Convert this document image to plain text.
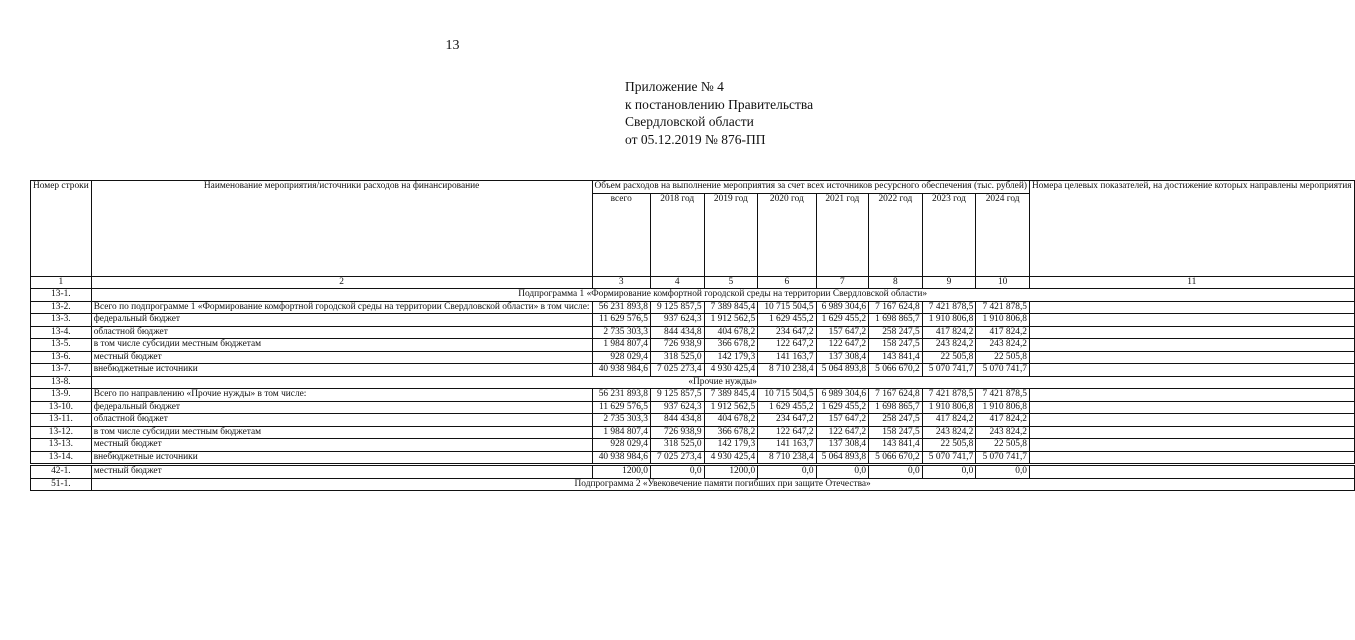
13
Приложение № 4
к постановлению Правительства
Свердловской области
от 05.12.2019 № 876-ПП
Номер строки	Наименование мероприятия/источники расходов на финансирование	Объем расходов на выполнение мероприятия за счет всех источников ресурсного обеспечения (тыс. рублей)								Номера целевых показателей, на достижение которых направлены мероприятия
		всего	2018 год	2019 год	2020 год	2021 год	2022 год	2023 год	2024 год	
1	2	3	4	5	6	7	8	9	10	11
13-1.	Подпрограмма 1 «Формирование комфортной городской среды на территории Свердловской области»									
13-2.	Всего по подпрограмме 1 «Формирование комфортной городской среды на территории Свердловской области» в том числе:	56 231 893,8	9 125 857,5	7 389 845,4	10 715 504,5	6 989 304,6	7 167 624,8	7 421 878,5	7 421 878,5	
13-3.	федеральный бюджет	11 629 576,5	937 624,3	1 912 562,5	1 629 455,2	1 629 455,2	1 698 865,7	1 910 806,8	1 910 806,8	
13-4.	областной бюджет	2 735 303,3	844 434,8	404 678,2	234 647,2	157 647,2	258 247,5	417 824,2	417 824,2	
13-5.	в том числе субсидии местным бюджетам	1 984 807,4	726 938,9	366 678,2	122 647,2	122 647,2	158 247,5	243 824,2	243 824,2	
13-6.	местный бюджет	928 029,4	318 525,0	142 179,3	141 163,7	137 308,4	143 841,4	22 505,8	22 505,8	
13-7.	внебюджетные источники	40 938 984,6	7 025 273,4	4 930 425,4	8 710 238,4	5 064 893,8	5 066 670,2	5 070 741,7	5 070 741,7	
13-8.	«Прочие нужды»									
13-9.	Всего по направлению «Прочие нужды» в том числе:	56 231 893,8	9 125 857,5	7 389 845,4	10 715 504,5	6 989 304,6	7 167 624,8	7 421 878,5	7 421 878,5	
13-10.	федеральный бюджет	11 629 576,5	937 624,3	1 912 562,5	1 629 455,2	1 629 455,2	1 698 865,7	1 910 806,8	1 910 806,8	
13-11.	областной бюджет	2 735 303,3	844 434,8	404 678,2	234 647,2	157 647,2	258 247,5	417 824,2	417 824,2	
13-12.	в том числе субсидии местным бюджетам	1 984 807,4	726 938,9	366 678,2	122 647,2	122 647,2	158 247,5	243 824,2	243 824,2	
13-13.	местный бюджет	928 029,4	318 525,0	142 179,3	141 163,7	137 308,4	143 841,4	22 505,8	22 505,8	
13-14.	внебюджетные источники	40 938 984,6	7 025 273,4	4 930 425,4	8 710 238,4	5 064 893,8	5 066 670,2	5 070 741,7	5 070 741,7	
42-1.	местный бюджет	1200,0	0,0	1200,0	0,0	0,0	0,0	0,0	0,0	
51-1.	Подпрограмма 2 «Увековечение памяти погибших при защите Отечества»									
